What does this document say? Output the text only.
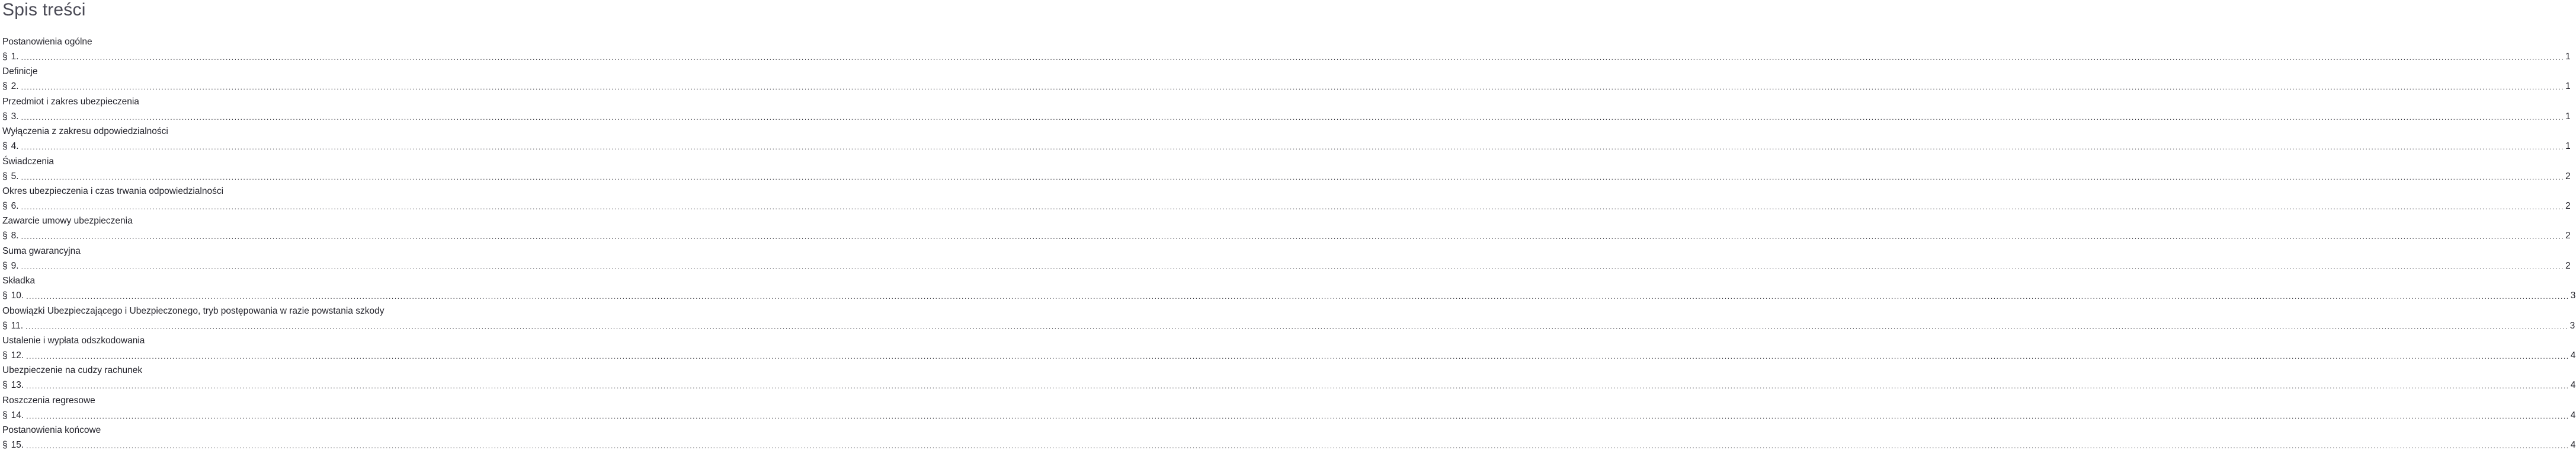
Spis treści
Postanowienia ogólne
§ 1. ...................................................................................................................................................................................................................................................................................................................................................................................................................................................................................................................................................................................................................................................................................................................................................................................................................................................................................................... 1
Definicje
§ 2. ...................................................................................................................................................................................................................................................................................................................................................................................................................................................................................................................................................................................................................................................................................................................................................................................................................................................................................................... 1
Przedmiot i zakres ubezpieczenia
§ 3. ...................................................................................................................................................................................................................................................................................................................................................................................................................................................................................................................................................................................................................................................................................................................................................................................................................................................................................................... 1
Wyłączenia z zakresu odpowiedzialności
§ 4. ...................................................................................................................................................................................................................................................................................................................................................................................................................................................................................................................................................................................................................................................................................................................................................................................................................................................................................................... 1
Świadczenia
§ 5. ...................................................................................................................................................................................................................................................................................................................................................................................................................................................................................................................................................................................................................................................................................................................................................................................................................................................................................................... 2
Okres ubezpieczenia i czas trwania odpowiedzialności
§ 6. ...................................................................................................................................................................................................................................................................................................................................................................................................................................................................................................................................................................................................................................................................................................................................................................................................................................................................................................... 2
Zawarcie umowy ubezpieczenia
§ 8. ...................................................................................................................................................................................................................................................................................................................................................................................................................................................................................................................................................................................................................................................................................................................................................................................................................................................................................................... 2
Suma gwarancyjna
§ 9. ...................................................................................................................................................................................................................................................................................................................................................................................................................................................................................................................................................................................................................................................................................................................................................................................................................................................................................................... 2
Składka
§ 10. ...................................................................................................................................................................................................................................................................................................................................................................................................................................................................................................................................................................................................................................................................................................................................................................................................................................................................................................... 3
Obowiązki Ubezpieczającego i Ubezpieczonego, tryb postępowania w razie powstania szkody
§ 11. ...................................................................................................................................................................................................................................................................................................................................................................................................................................................................................................................................................................................................................................................................................................................................................................................................................................................................................................... 3
Ustalenie i wypłata odszkodowania
§ 12. ...................................................................................................................................................................................................................................................................................................................................................................................................................................................................................................................................................................................................................................................................................................................................................................................................................................................................................................... 4
Ubezpieczenie na cudzy rachunek
§ 13. ...................................................................................................................................................................................................................................................................................................................................................................................................................................................................................................................................................................................................................................................................................................................................................................................................................................................................................................... 4
Roszczenia regresowe
§ 14. ...................................................................................................................................................................................................................................................................................................................................................................................................................................................................................................................................................................................................................................................................................................................................................................................................................................................................................................... 4
Postanowienia końcowe
§ 15. ...................................................................................................................................................................................................................................................................................................................................................................................................................................................................................................................................................................................................................................................................................................................................................................................................................................................................................................... 4
